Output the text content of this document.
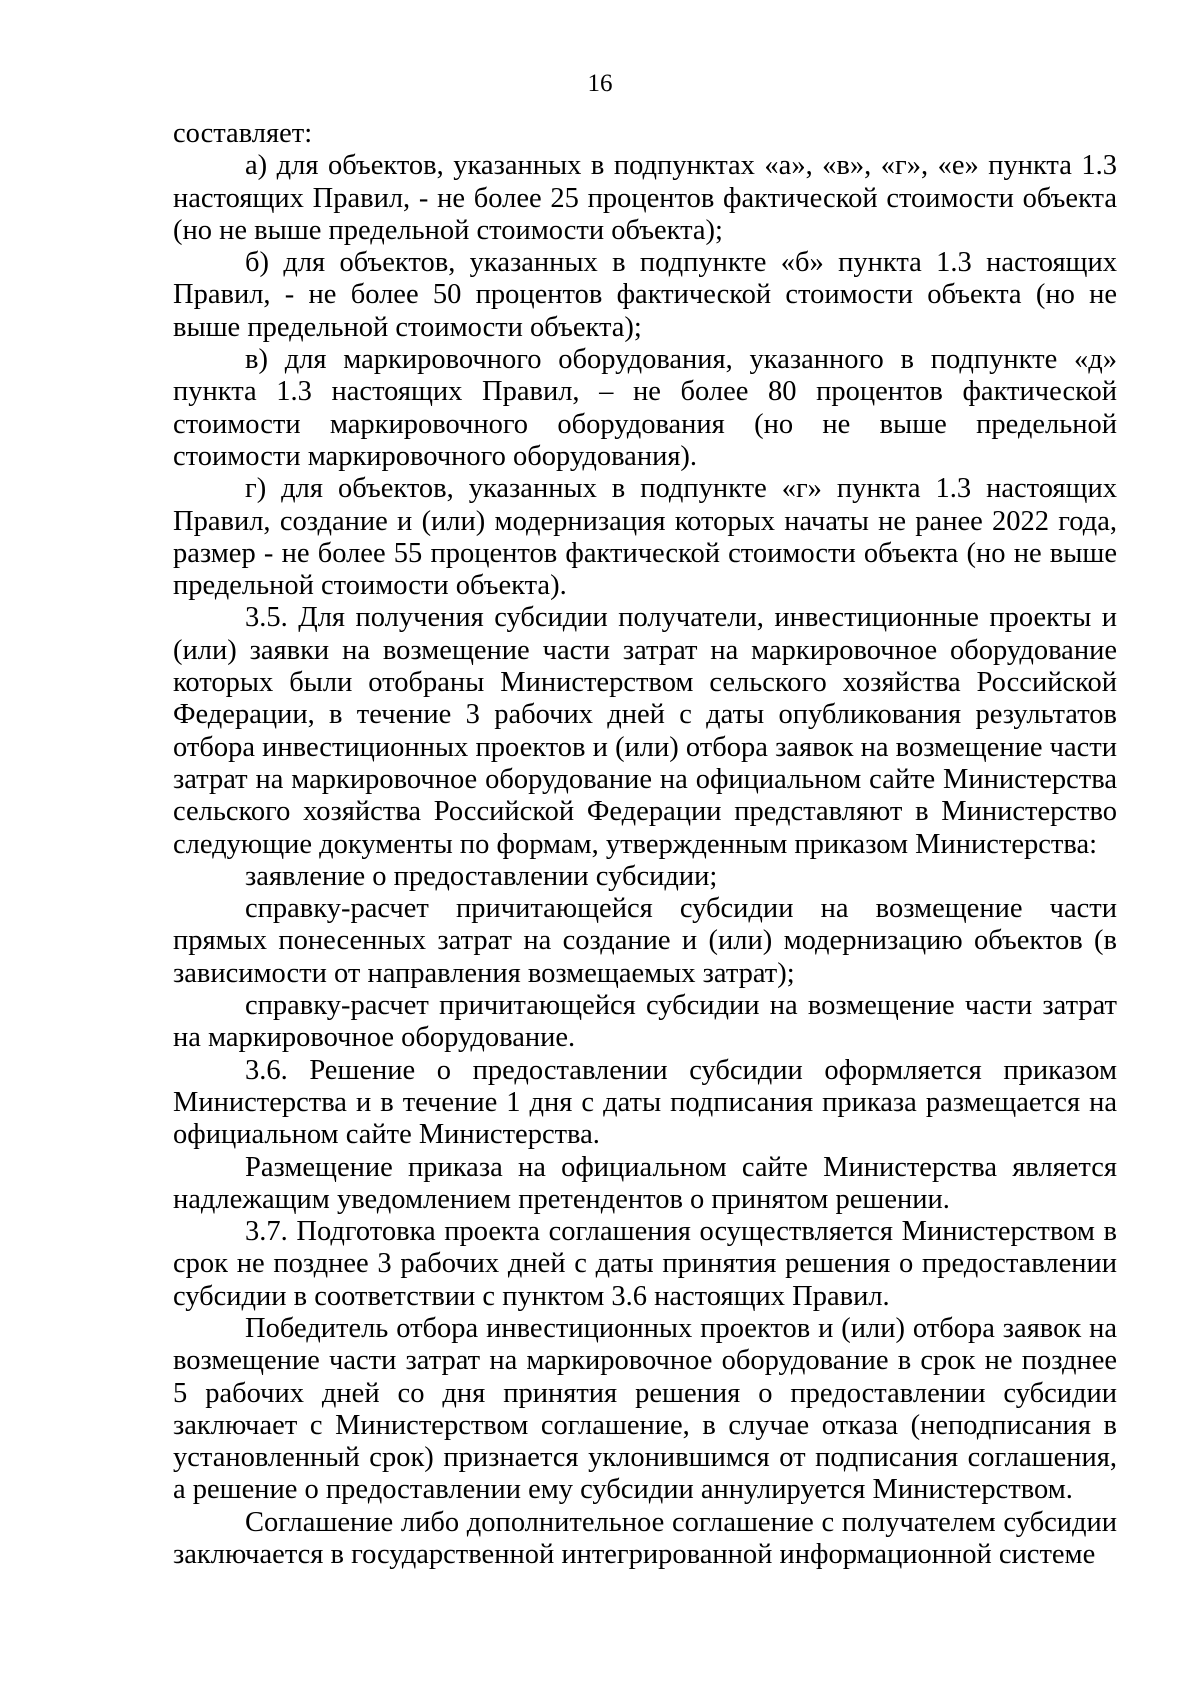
16

составляет:

а) для объектов, указанных в подпунктах «а», «в», «г», «е» пункта 1.3 настоящих Правил, - не более 25 процентов фактической стоимости объекта (но не выше предельной стоимости объекта);

б) для объектов, указанных в подпункте «б» пункта 1.3 настоящих Правил, - не более 50 процентов фактической стоимости объекта (но не выше предельной стоимости объекта);

в) для маркировочного оборудования, указанного в подпункте «д» пункта 1.3 настоящих Правил, – не более 80 процентов фактической стоимости маркировочного оборудования (но не выше предельной стоимости маркировочного оборудования).

г) для объектов, указанных в подпункте «г» пункта 1.3 настоящих Правил, создание и (или) модернизация которых начаты не ранее 2022 года, размер - не более 55 процентов фактической стоимости объекта (но не выше предельной стоимости объекта).

3.5. Для получения субсидии получатели, инвестиционные проекты и (или) заявки на возмещение части затрат на маркировочное оборудование которых были отобраны Министерством сельского хозяйства Российской Федерации, в течение 3 рабочих дней с даты опубликования результатов отбора инвестиционных проектов и (или) отбора заявок на возмещение части затрат на маркировочное оборудование на официальном сайте Министерства сельского хозяйства Российской Федерации представляют в Министерство следующие документы по формам, утвержденным приказом Министерства:

заявление о предоставлении субсидии;

справку-расчет причитающейся субсидии на возмещение части прямых понесенных затрат на создание и (или) модернизацию объектов (в зависимости от направления возмещаемых затрат);

справку-расчет причитающейся субсидии на возмещение части затрат на маркировочное оборудование.

3.6. Решение о предоставлении субсидии оформляется приказом Министерства и в течение 1 дня с даты подписания приказа размещается на официальном сайте Министерства.

Размещение приказа на официальном сайте Министерства является надлежащим уведомлением претендентов о принятом решении.

3.7. Подготовка проекта соглашения осуществляется Министерством в срок не позднее 3 рабочих дней с даты принятия решения о предоставлении субсидии в соответствии с пунктом 3.6 настоящих Правил.

Победитель отбора инвестиционных проектов и (или) отбора заявок на возмещение части затрат на маркировочное оборудование в срок не позднее 5 рабочих дней со дня принятия решения о предоставлении субсидии заключает с Министерством соглашение, в случае отказа (неподписания в установленный срок) признается уклонившимся от подписания соглашения, а решение о предоставлении ему субсидии аннулируется Министерством.

Соглашение либо дополнительное соглашение с получателем субсидии заключается в государственной интегрированной информационной системе
